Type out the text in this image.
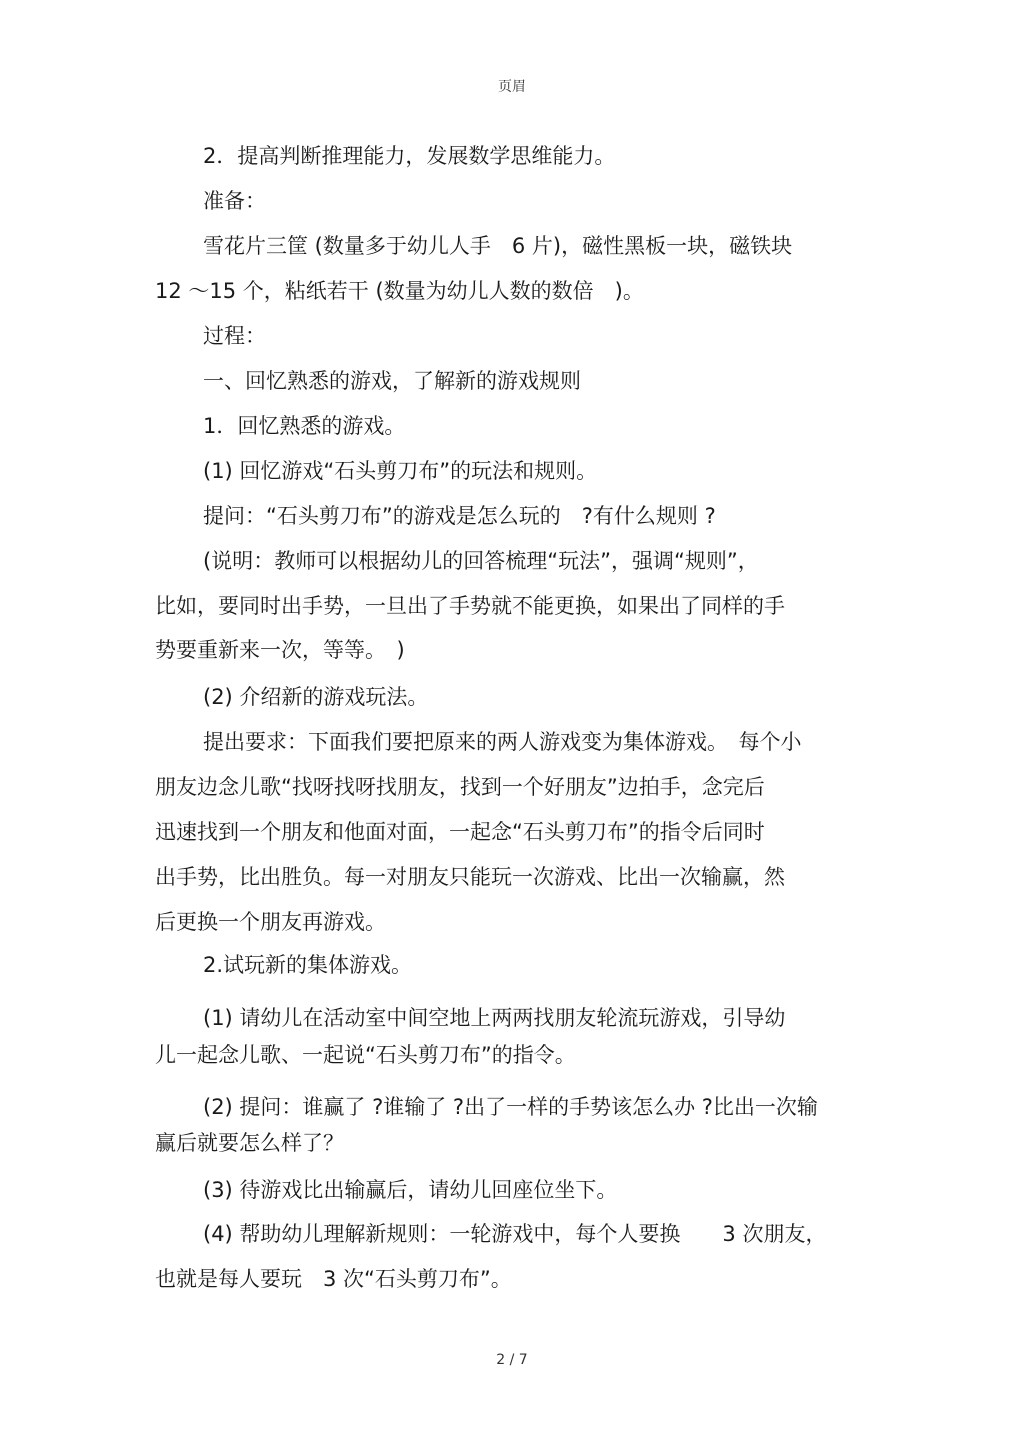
页眉
2．提高判断推理能力，发展数学思维能力。
准备：
雪花片三筐 (数量多于幼儿人手　6 片)，磁性黑板一块，磁铁块
12 ～15 个，粘纸若干 (数量为幼儿人数的数倍　)。
过程：
一、回忆熟悉的游戏，了解新的游戏规则
1．回忆熟悉的游戏。
(1) 回忆游戏“石头剪刀布”的玩法和规则。
提问：“石头剪刀布”的游戏是怎么玩的　?有什么规则 ?
(说明：教师可以根据幼儿的回答梳理“玩法”，强调“规则”，
比如，要同时出手势，一旦出了手势就不能更换，如果出了同样的手
势要重新来一次，等等。　)
(2) 介绍新的游戏玩法。
提出要求：下面我们要把原来的两人游戏变为集体游戏。　每个小
朋友边念儿歌“找呀找呀找朋友，找到一个好朋友”边拍手，念完后
迅速找到一个朋友和他面对面，一起念“石头剪刀布”的指令后同时
出手势，比出胜负。每一对朋友只能玩一次游戏、比出一次输赢，然
后更换一个朋友再游戏。
2.试玩新的集体游戏。
(1) 请幼儿在活动室中间空地上两两找朋友轮流玩游戏，引导幼
儿一起念儿歌、一起说“石头剪刀布”的指令。
(2) 提问：谁赢了 ?谁输了 ?出了一样的手势该怎么办 ?比出一次输
赢后就要怎么样了？
(3) 待游戏比出输赢后，请幼儿回座位坐下。
(4) 帮助幼儿理解新规则：一轮游戏中，每个人要换　　3 次朋友，
也就是每人要玩　3 次“石头剪刀布”。
2 / 7
